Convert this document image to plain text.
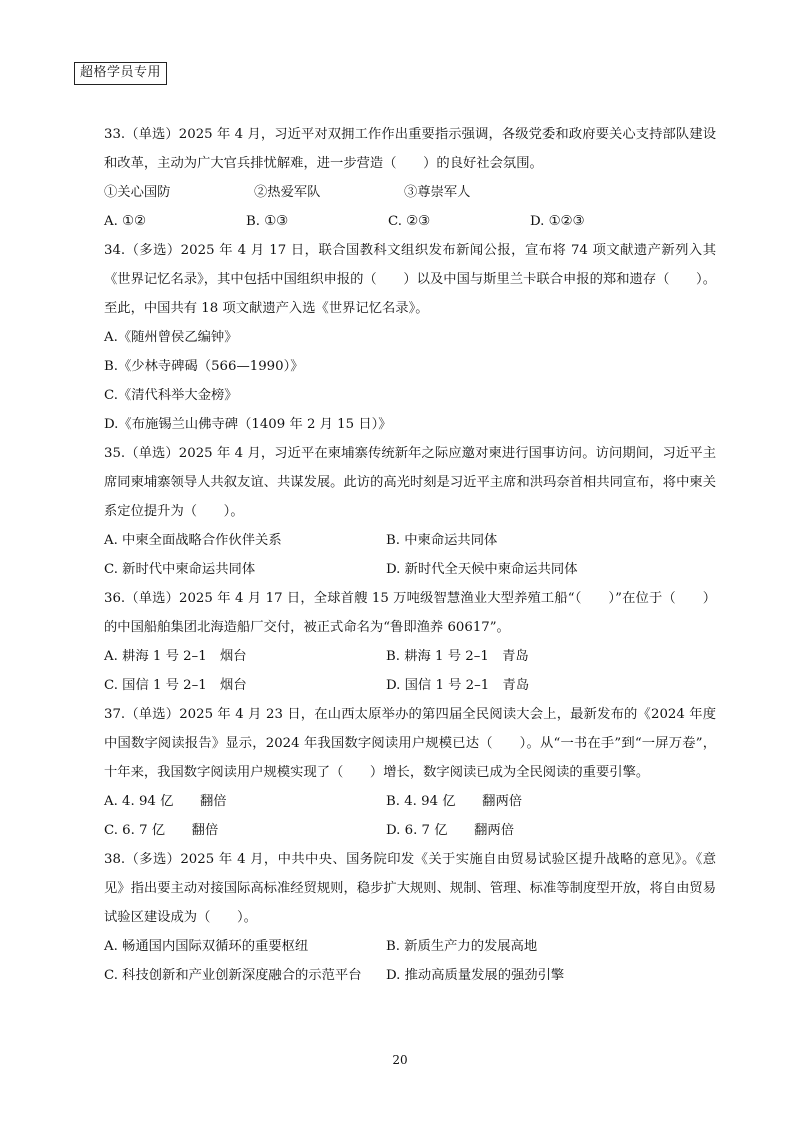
超格学员专用

33.（单选）2025 年 4 月，习近平对双拥工作作出重要指示强调，各级党委和政府要关心支持部队建设和改革，主动为广大官兵排忧解难，进一步营造（　　）的良好社会氛围。

①关心国防	②热爱军队	③尊崇军人
A. ①②	B. ①③	C. ②③	D. ①②③

34.（多选）2025 年 4 月 17 日，联合国教科文组织发布新闻公报，宣布将 74 项文献遗产新列入其《世界记忆名录》，其中包括中国组织申报的（　　）以及中国与斯里兰卡联合申报的郑和遗存（　　）。至此，中国共有 18 项文献遗产入选《世界记忆名录》。

A.《随州曾侯乙编钟》
B.《少林寺碑碣（566—1990）》
C.《清代科举大金榜》
D.《布施锡兰山佛寺碑（1409 年 2 月 15 日）》

35.（单选）2025 年 4 月，习近平在柬埔寨传统新年之际应邀对柬进行国事访问。访问期间，习近平主席同柬埔寨领导人共叙友谊、共谋发展。此访的高光时刻是习近平主席和洪玛奈首相共同宣布，将中柬关系定位提升为（　　）。

A. 中柬全面战略合作伙伴关系	B. 中柬命运共同体
C. 新时代中柬命运共同体	D. 新时代全天候中柬命运共同体

36.（单选）2025 年 4 月 17 日，全球首艘 15 万吨级智慧渔业大型养殖工船“（　　）”在位于（　　）的中国船舶集团北海造船厂交付，被正式命名为“鲁即渔养 60617”。

A. 耕海 1 号 2–1　烟台	B. 耕海 1 号 2–1　青岛
C. 国信 1 号 2–1　烟台	D. 国信 1 号 2–1　青岛

37.（单选）2025 年 4 月 23 日，在山西太原举办的第四届全民阅读大会上，最新发布的《2024 年度中国数字阅读报告》显示，2024 年我国数字阅读用户规模已达（　　）。从“一书在手”到“一屏万卷”，十年来，我国数字阅读用户规模实现了（　　）增长，数字阅读已成为全民阅读的重要引擎。

A. 4. 94 亿　　翻倍	B. 4. 94 亿　　翻两倍
C. 6. 7 亿　　翻倍	D. 6. 7 亿　　翻两倍

38.（多选）2025 年 4 月，中共中央、国务院印发《关于实施自由贸易试验区提升战略的意见》。《意见》指出要主动对接国际高标准经贸规则，稳步扩大规则、规制、管理、标准等制度型开放，将自由贸易试验区建设成为（　　）。

A. 畅通国内国际双循环的重要枢纽	B. 新质生产力的发展高地
C. 科技创新和产业创新深度融合的示范平台	D. 推动高质量发展的强劲引擎
20
